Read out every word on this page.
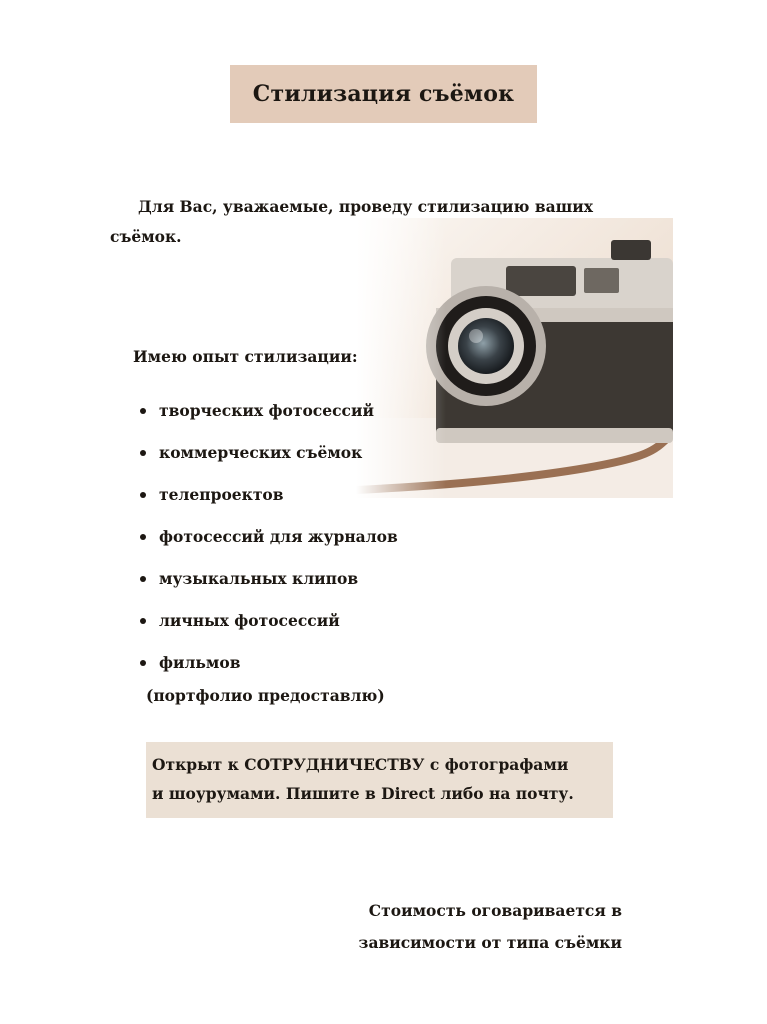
Стилизация съёмок

Для Вас, уважаемые, проведу стилизацию ваших съёмок.

Имею опыт стилизации:
творческих фотосессий
коммерческих съёмок
телепроектов
фотосессий для журналов
музыкальных клипов
личных фотосессий
фильмов
(портфолио предоставлю)
Открыт к СОТРУДНИЧЕСТВУ с фотографами
и шоурумами. Пишите в Direct либо на почту.
Стоимость оговаривается в
зависимости от типа съёмки
